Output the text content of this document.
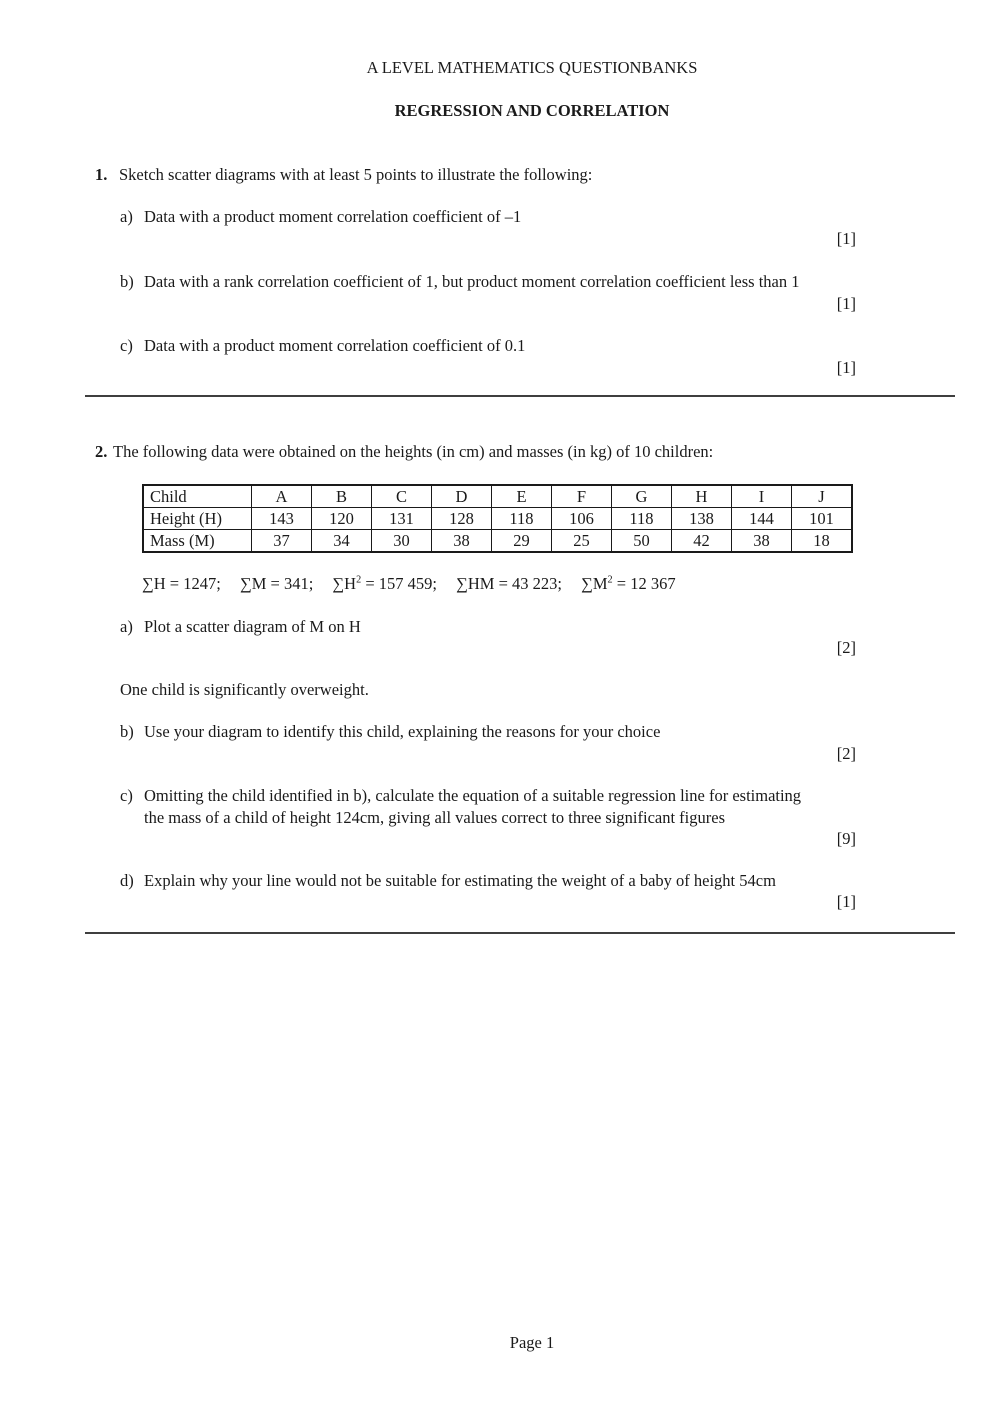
A LEVEL MATHEMATICS QUESTIONBANKS
REGRESSION AND CORRELATION
1. Sketch scatter diagrams with at least 5 points to illustrate the following:
a) Data with a product moment correlation coefficient of –1
[1]
b) Data with a rank correlation coefficient of 1, but product moment correlation coefficient less than 1
[1]
c) Data with a product moment correlation coefficient of 0.1
[1]
2. The following data were obtained on the heights (in cm) and masses (in kg) of 10 children:
Child	A	B	C	D	E	F	G	H	I	J
Height (H)	143	120	131	128	118	106	118	138	144	101
Mass (M)	37	34	30	38	29	25	50	42	38	18
∑H = 1247; ∑M = 341; $\sum H^2 = 157$ 459; ∑HM = 43 223; $\sum M^2 = 12$ 367
a) Plot a scatter diagram of M on H
[2]
One child is significantly overweight.
b) Use your diagram to identify this child, explaining the reasons for your choice
[2]
c) Omitting the child identified in b), calculate the equation of a suitable regression line for estimating
the mass of a child of height 124cm, giving all values correct to three significant figures
[9]
d) Explain why your line would not be suitable for estimating the weight of a baby of height 54cm
[1]
Page 1
